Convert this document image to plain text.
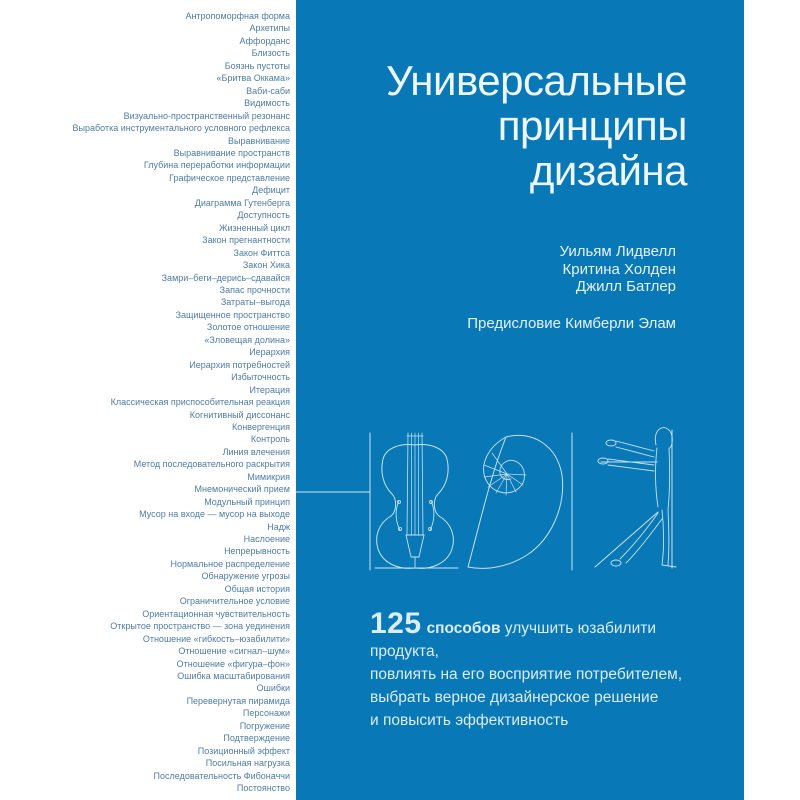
Антропоморфная форма
Архетипы
Аффорданс
Близость
Боязнь пустоты
«Бритва Оккама»
Ваби-саби
Видимость
Визуально-пространственный резонанс
Выработка инструментального условного рефлекса
Выравнивание
Выравнивание пространств
Глубина переработки информации
Графическое представление
Дефицит
Диаграмма Гутенберга
Доступность
Жизненный цикл
Закон прегнантности
Закон Фиттса
Закон Хика
Замри–беги–дерись–сдавайся
Запас прочности
Затраты–выгода
Защищенное пространство
Золотое отношение
«Зловещая долина»
Иерархия
Иерархия потребностей
Избыточность
Итерация
Классическая приспособительная реакция
Когнитивный диссонанс
Конвергенция
Контроль
Линия влечения
Метод последовательного раскрытия
Мимикрия
Мнемонический прием
Модульный принцип
Мусор на входе — мусор на выходе
Надж
Наслоение
Непрерывность
Нормальное распределение
Обнаружение угрозы
Общая история
Ограничительное условие
Ориентационная чувствительность
Открытое пространство — зона уединения
Отношение «гибкость–юзабилити»
Отношение «сигнал–шум»
Отношение «фигура–фон»
Ошибка масштабирования
Ошибки
Перевернутая пирамида
Персонажи
Погружение
Подтверждение
Позиционный эффект
Посильная нагрузка
Последовательность Фибоначчи
Постоянство
Универсальные
принципы
дизайна
Уильям Лидвелл
Критина Холден
Джилл Батлер
Предисловие Кимберли Элам
125 способов улучшить юзабилити продукта,
повлиять на его восприятие потребителем,
выбрать верное дизайнерское решение
и повысить эффективность
